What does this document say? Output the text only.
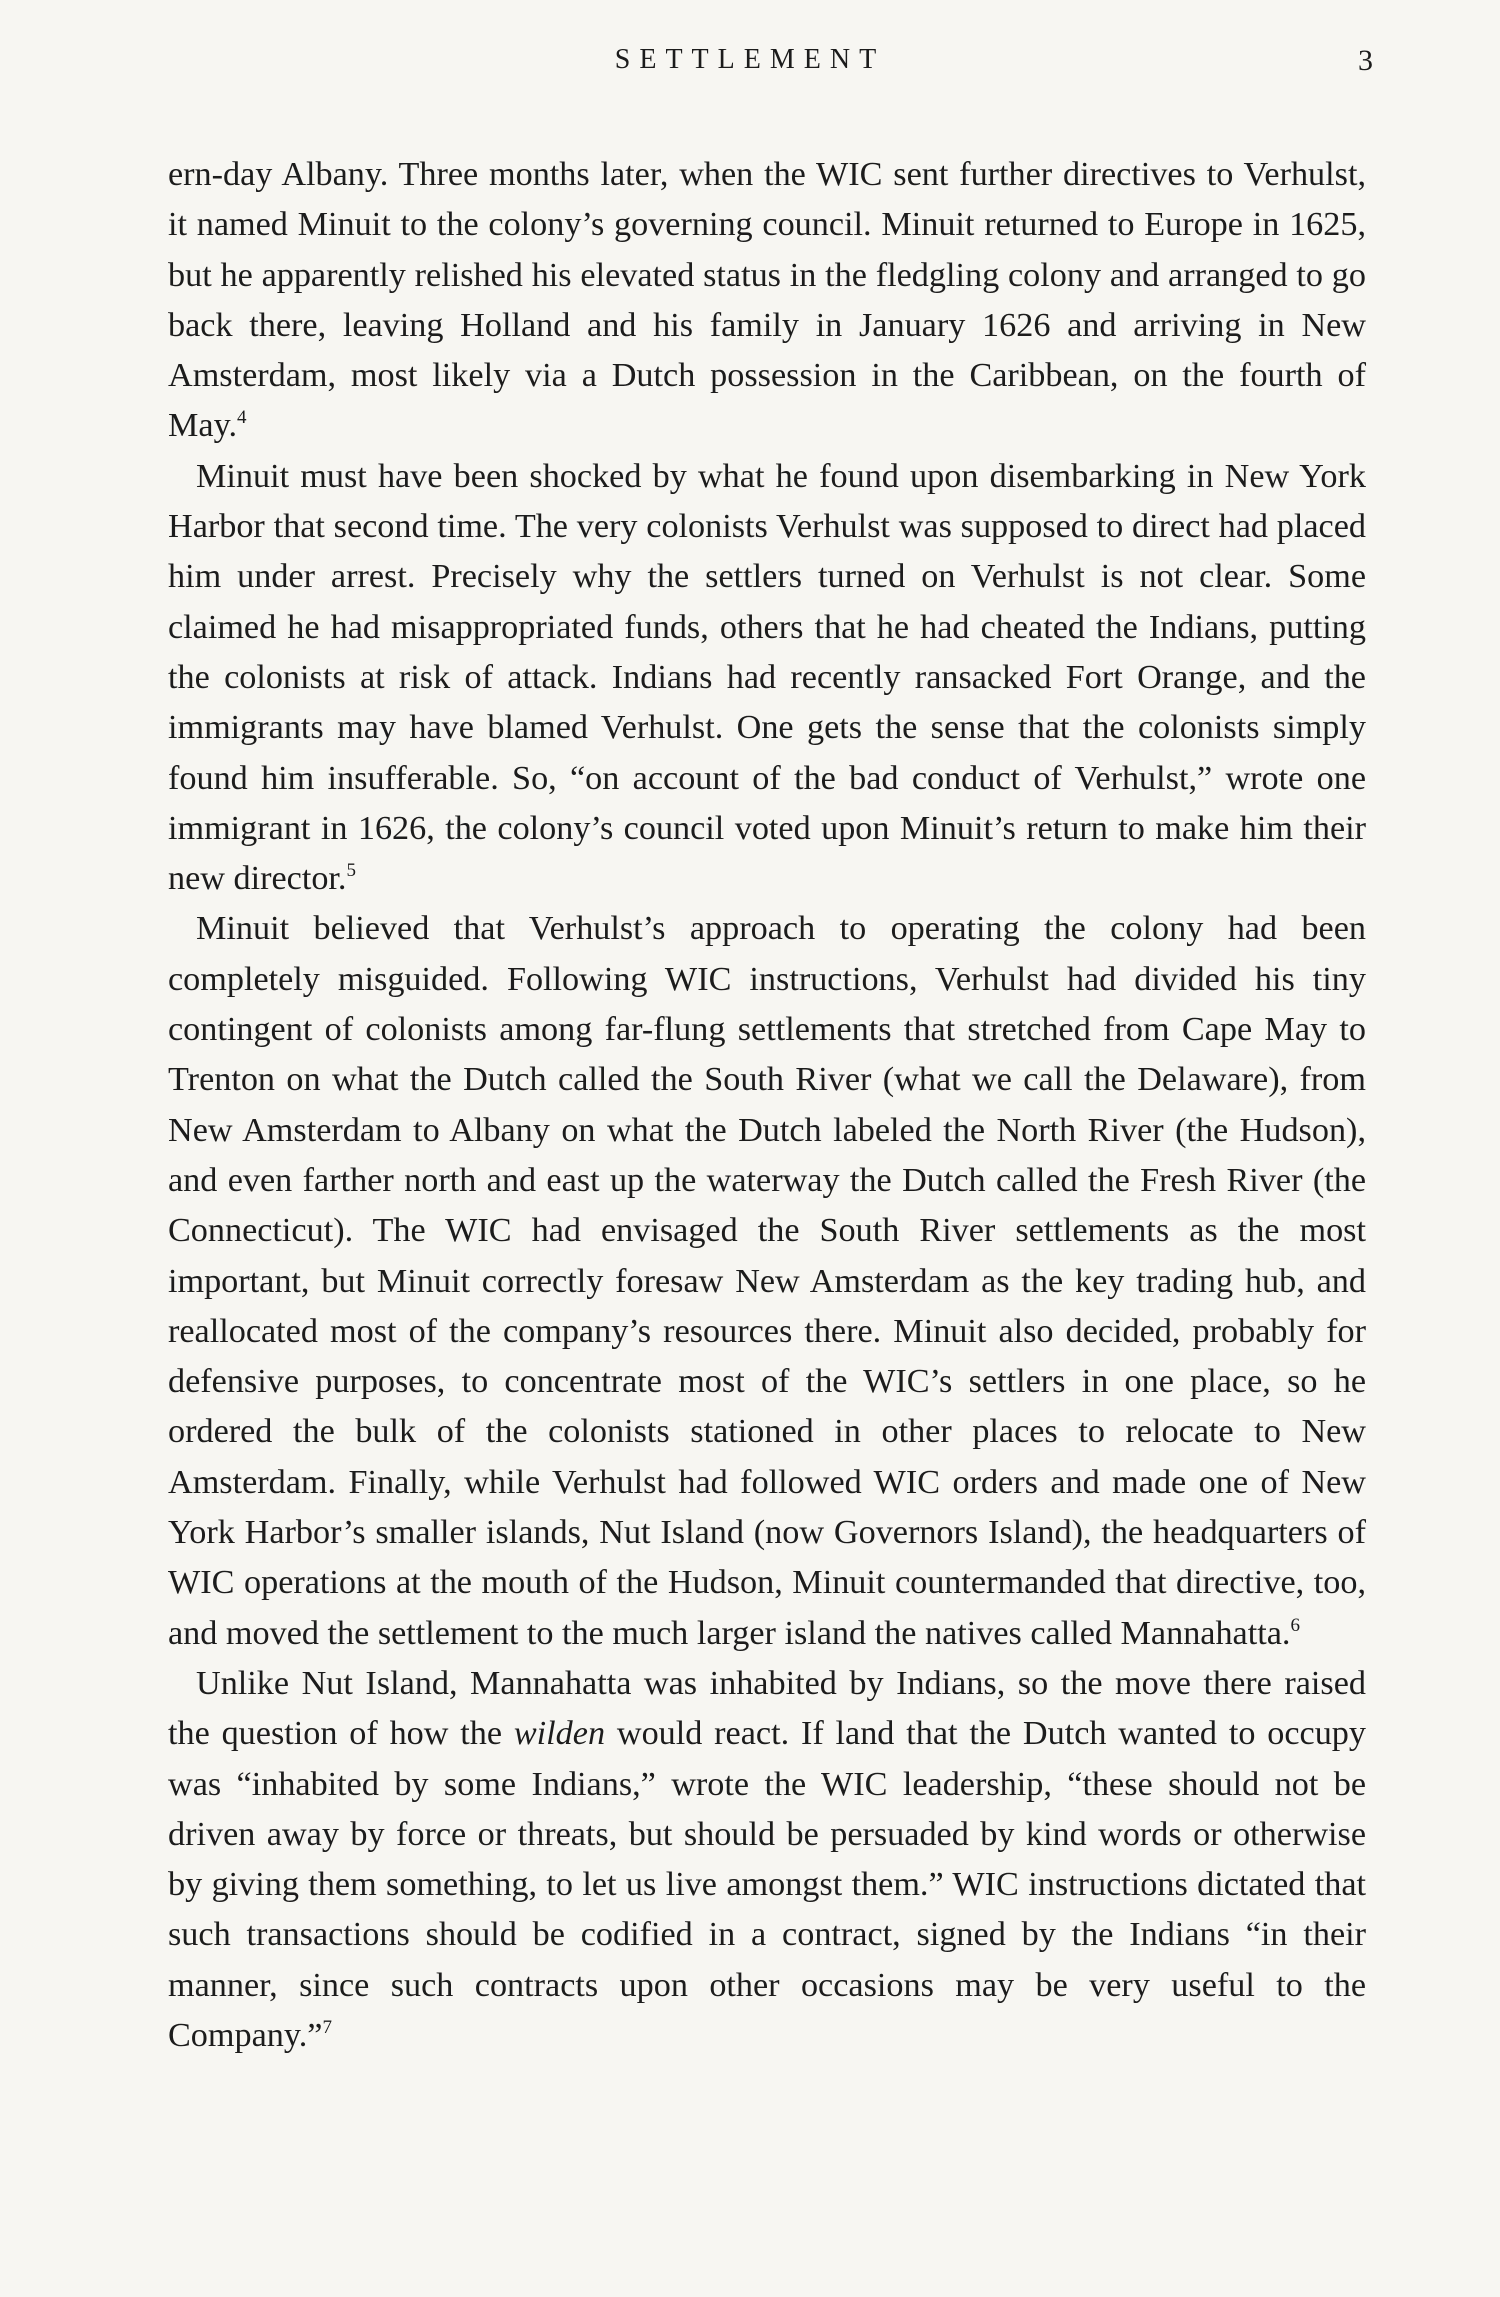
SETTLEMENT	3

ern-day Albany. Three months later, when the WIC sent further directives to Verhulst, it named Minuit to the colony’s governing council. Minuit returned to Europe in 1625, but he apparently relished his elevated status in the fledgling colony and arranged to go back there, leaving Holland and his family in January 1626 and arriving in New Amsterdam, most likely via a Dutch possession in the Caribbean, on the fourth of May.$^4$

Minuit must have been shocked by what he found upon disembarking in New York Harbor that second time. The very colonists Verhulst was supposed to direct had placed him under arrest. Precisely why the settlers turned on Verhulst is not clear. Some claimed he had misappropriated funds, others that he had cheated the Indians, putting the colonists at risk of attack. Indians had recently ransacked Fort Orange, and the immigrants may have blamed Verhulst. One gets the sense that the colonists simply found him insufferable. So, “on account of the bad conduct of Verhulst,” wrote one immigrant in 1626, the colony’s council voted upon Minuit’s return to make him their new director.$^5$

Minuit believed that Verhulst’s approach to operating the colony had been completely misguided. Following WIC instructions, Verhulst had divided his tiny contingent of colonists among far-flung settlements that stretched from Cape May to Trenton on what the Dutch called the South River (what we call the Delaware), from New Amsterdam to Albany on what the Dutch labeled the North River (the Hudson), and even farther north and east up the waterway the Dutch called the Fresh River (the Connecticut). The WIC had envisaged the South River settlements as the most important, but Minuit correctly foresaw New Amsterdam as the key trading hub, and reallocated most of the company’s resources there. Minuit also decided, probably for defensive purposes, to concentrate most of the WIC’s settlers in one place, so he ordered the bulk of the colonists stationed in other places to relocate to New Amsterdam. Finally, while Verhulst had followed WIC orders and made one of New York Harbor’s smaller islands, Nut Island (now Governors Island), the headquarters of WIC operations at the mouth of the Hudson, Minuit countermanded that directive, too, and moved the settlement to the much larger island the natives called Mannahatta.$^6$

Unlike Nut Island, Mannahatta was inhabited by Indians, so the move there raised the question of how the wilden would react. If land that the Dutch wanted to occupy was “inhabited by some Indians,” wrote the WIC leadership, “these should not be driven away by force or threats, but should be persuaded by kind words or otherwise by giving them something, to let us live amongst them.” WIC instructions dictated that such transactions should be codified in a contract, signed by the Indians “in their manner, since such contracts upon other occasions may be very useful to the Company.”$^7$
